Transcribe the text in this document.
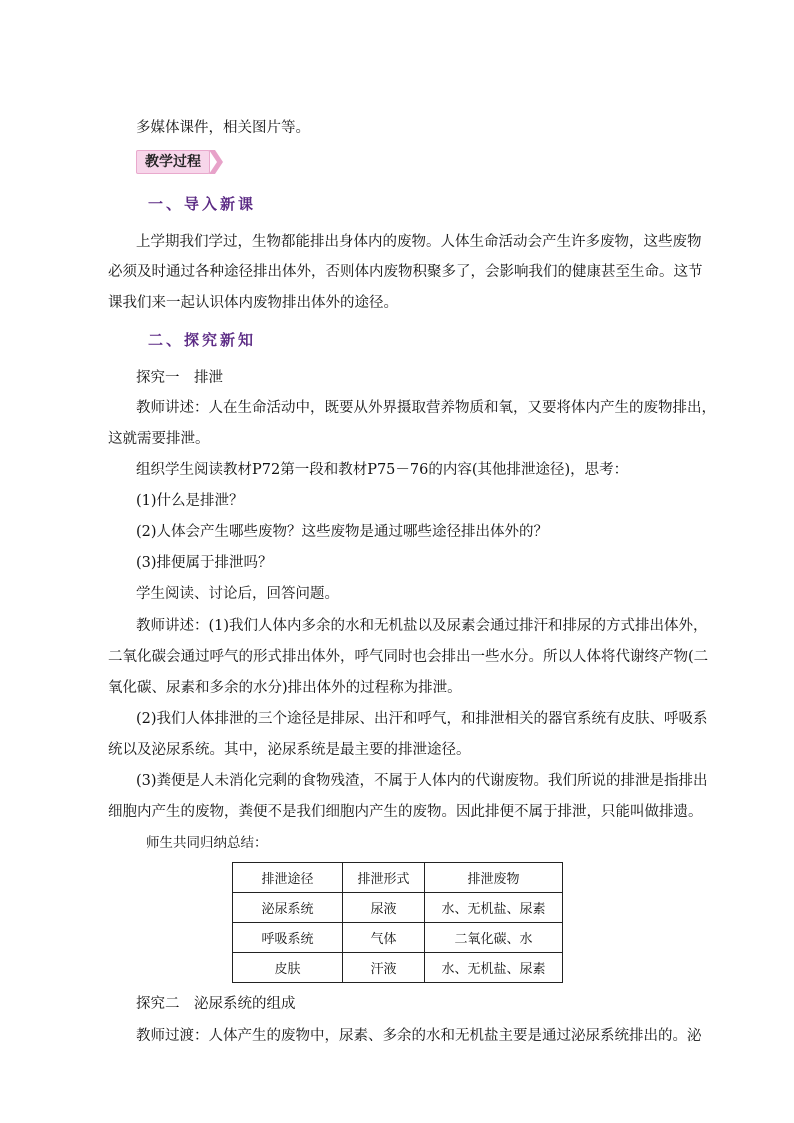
多媒体课件，相关图片等。
教学过程
一、导入新课
上学期我们学过，生物都能排出身体内的废物。人体生命活动会产生许多废物，这些废物
必须及时通过各种途径排出体外，否则体内废物积聚多了，会影响我们的健康甚至生命。这节
课我们来一起认识体内废物排出体外的途径。
二、探究新知
探究一　排泄
教师讲述：人在生命活动中，既要从外界摄取营养物质和氧，又要将体内产生的废物排出，
这就需要排泄。
组织学生阅读教材P72第一段和教材P75－76的内容(其他排泄途径)，思考：
(1)什么是排泄？
(2)人体会产生哪些废物？这些废物是通过哪些途径排出体外的？
(3)排便属于排泄吗？
学生阅读、讨论后，回答问题。
教师讲述：(1)我们人体内多余的水和无机盐以及尿素会通过排汗和排尿的方式排出体外，
二氧化碳会通过呼气的形式排出体外，呼气同时也会排出一些水分。所以人体将代谢终产物(二
氧化碳、尿素和多余的水分)排出体外的过程称为排泄。
(2)我们人体排泄的三个途径是排尿、出汗和呼气，和排泄相关的器官系统有皮肤、呼吸系
统以及泌尿系统。其中，泌尿系统是最主要的排泄途径。
(3)粪便是人未消化完剩的食物残渣，不属于人体内的代谢废物。我们所说的排泄是指排出
细胞内产生的废物，粪便不是我们细胞内产生的废物。因此排便不属于排泄，只能叫做排遗。
师生共同归纳总结：
排泄途径	排泄形式	排泄废物
泌尿系统	尿液	水、无机盐、尿素
呼吸系统	气体	二氧化碳、水
皮肤	汗液	水、无机盐、尿素
探究二　泌尿系统的组成
教师过渡：人体产生的废物中，尿素、多余的水和无机盐主要是通过泌尿系统排出的。泌
